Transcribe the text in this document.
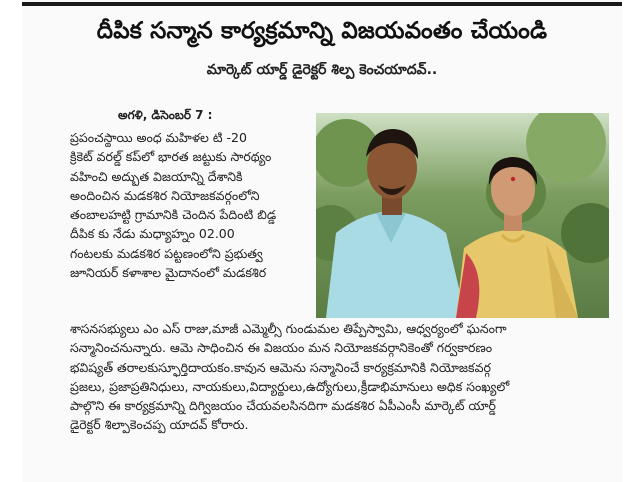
దీపిక సన్మాన కార్యక్రమాన్ని విజయవంతం చేయండి
మార్కెట్ యార్డ్ డైరెక్టర్ శిల్ప కెంచయాదవ్..
అగళి, డిసెంబర్ 7 :
ప్రపంచస్థాయి అంధ మహిళల టి -20
క్రికెట్ వరల్డ్ కప్‌లో భారత జట్టుకు సారథ్యం
వహించి అద్భుత విజయాన్ని దేశానికి
అందించిన మడకశిర నియోజకవర్గంలోని
తంబాలహట్టి గ్రామానికి చెందిన పేదింటి బిడ్డ
దీపిక కు నేడు మధ్యాహ్నం 02.00
గంటలకు మడకశిర పట్టణంలోని ప్రభుత్వ
జూనియర్ కళాశాల మైదానంలో మడకశిర
శాసనసభ్యులు ఎం ఎస్ రాజు,మాజీ ఎమ్మెల్సీ గుండుమల తిప్పేస్వామి, ఆధ్వర్యంలో ఘనంగా
సన్మానించనున్నారు. ఆమె సాధించిన ఈ విజయం మన నియోజకవర్గానికెంతో గర్వకారణం
భవిష్యత్ తరాలకుస్ఫూర్తిదాయకం.కావున ఆమెను సన్మానించే కార్యక్రమానికి నియోజకవర్గ
ప్రజలు, ప్రజాప్రతినిధులు, నాయకులు,విద్యార్థులు,ఉద్యోగులు,క్రీడాభిమానులు అధిక సంఖ్యలో
పాల్గొని ఈ కార్యక్రమాన్ని దిగ్విజయం చేయవలసినదిగా మడకశిర ఏపీఎంసీ మార్కెట్ యార్డ్
డైరెక్టర్ శిల్పాకెంచప్ప యాదవ్ కోరారు.
